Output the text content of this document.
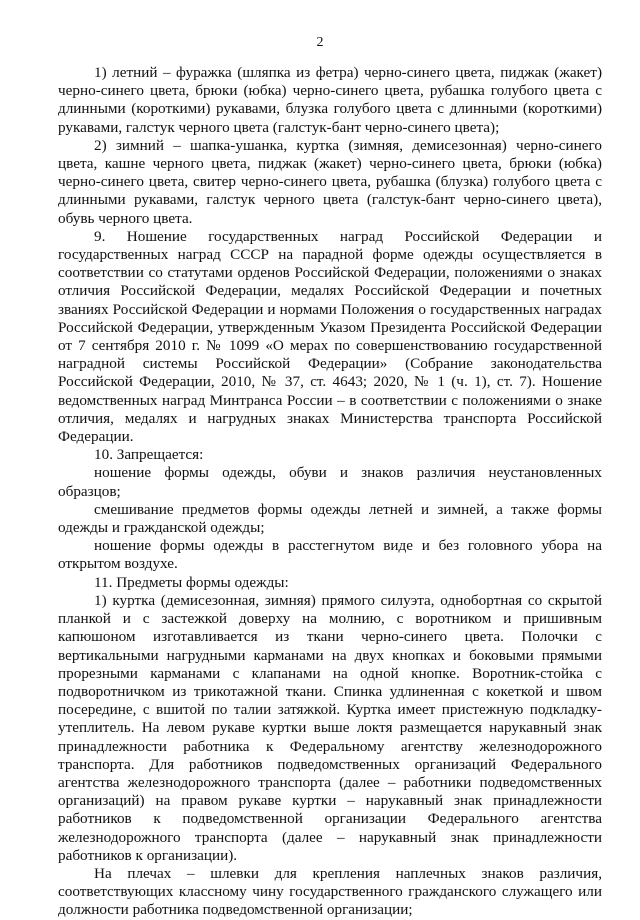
2

1) летний – фуражка (шляпка из фетра) черно-синего цвета, пиджак (жакет) черно-синего цвета, брюки (юбка) черно-синего цвета, рубашка голубого цвета с длинными (короткими) рукавами, блузка голубого цвета с длинными (короткими) рукавами, галстук черного цвета (галстук-бант черно-синего цвета);

2) зимний – шапка-ушанка, куртка (зимняя, демисезонная) черно-синего цвета, кашне черного цвета, пиджак (жакет) черно-синего цвета, брюки (юбка) черно-синего цвета, свитер черно-синего цвета, рубашка (блузка) голубого цвета с длинными рукавами, галстук черного цвета (галстук-бант черно-синего цвета), обувь черного цвета.

9. Ношение государственных наград Российской Федерации и государственных наград СССР на парадной форме одежды осуществляется в соответствии со статутами орденов Российской Федерации, положениями о знаках отличия Российской Федерации, медалях Российской Федерации и почетных званиях Российской Федерации и нормами Положения о государственных наградах Российской Федерации, утвержденным Указом Президента Российской Федерации от 7 сентября 2010 г. № 1099 «О мерах по совершенствованию государственной наградной системы Российской Федерации» (Собрание законодательства Российской Федерации, 2010, № 37, ст. 4643; 2020, № 1 (ч. 1), ст. 7). Ношение ведомственных наград Минтранса России – в соответствии с положениями о знаке отличия, медалях и нагрудных знаках Министерства транспорта Российской Федерации.

10. Запрещается:

ношение формы одежды, обуви и знаков различия неустановленных образцов;

смешивание предметов формы одежды летней и зимней, а также формы одежды и гражданской одежды;

ношение формы одежды в расстегнутом виде и без головного убора на открытом воздухе.

11. Предметы формы одежды:

1) куртка (демисезонная, зимняя) прямого силуэта, однобортная со скрытой планкой и с застежкой доверху на молнию, с воротником и пришивным капюшоном изготавливается из ткани черно-синего цвета. Полочки с вертикальными нагрудными карманами на двух кнопках и боковыми прямыми прорезными карманами с клапанами на одной кнопке. Воротник-стойка с подворотничком из трикотажной ткани. Спинка удлиненная с кокеткой и швом посередине, с вшитой по талии затяжкой. Куртка имеет пристежную подкладку-утеплитель. На левом рукаве куртки выше локтя размещается нарукавный знак принадлежности работника к Федеральному агентству железнодорожного транспорта. Для работников подведомственных организаций Федерального агентства железнодорожного транспорта (далее – работники подведомственных организаций) на правом рукаве куртки – нарукавный знак принадлежности работников к подведомственной организации Федерального агентства железнодорожного транспорта (далее – нарукавный знак принадлежности работников к организации).

На плечах – шлевки для крепления наплечных знаков различия, соответствующих классному чину государственного гражданского служащего или должности работника подведомственной организации;
